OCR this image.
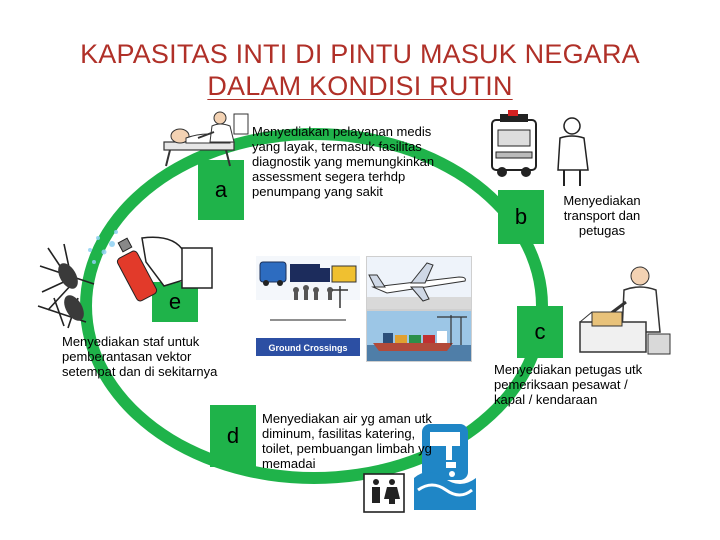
KAPASITAS INTI DI PINTU MASUK NEGARA
DALAM KONDISI RUTIN
a
b
c
d
e
Menyediakan pelayanan medis yang layak, termasuk fasilitas diagnostik yang memungkinkan assessment segera terhdp penumpang yang sakit
Menyediakan transport dan petugas
Menyediakan petugas utk pemeriksaan pesawat / kapal / kendaraan
Menyediakan air yg aman utk diminum, fasilitas katering, toilet, pembuangan limbah yg memadai
Menyediakan staf untuk pemberantasan vektor setempat dan di sekitarnya
Ground Crossings
